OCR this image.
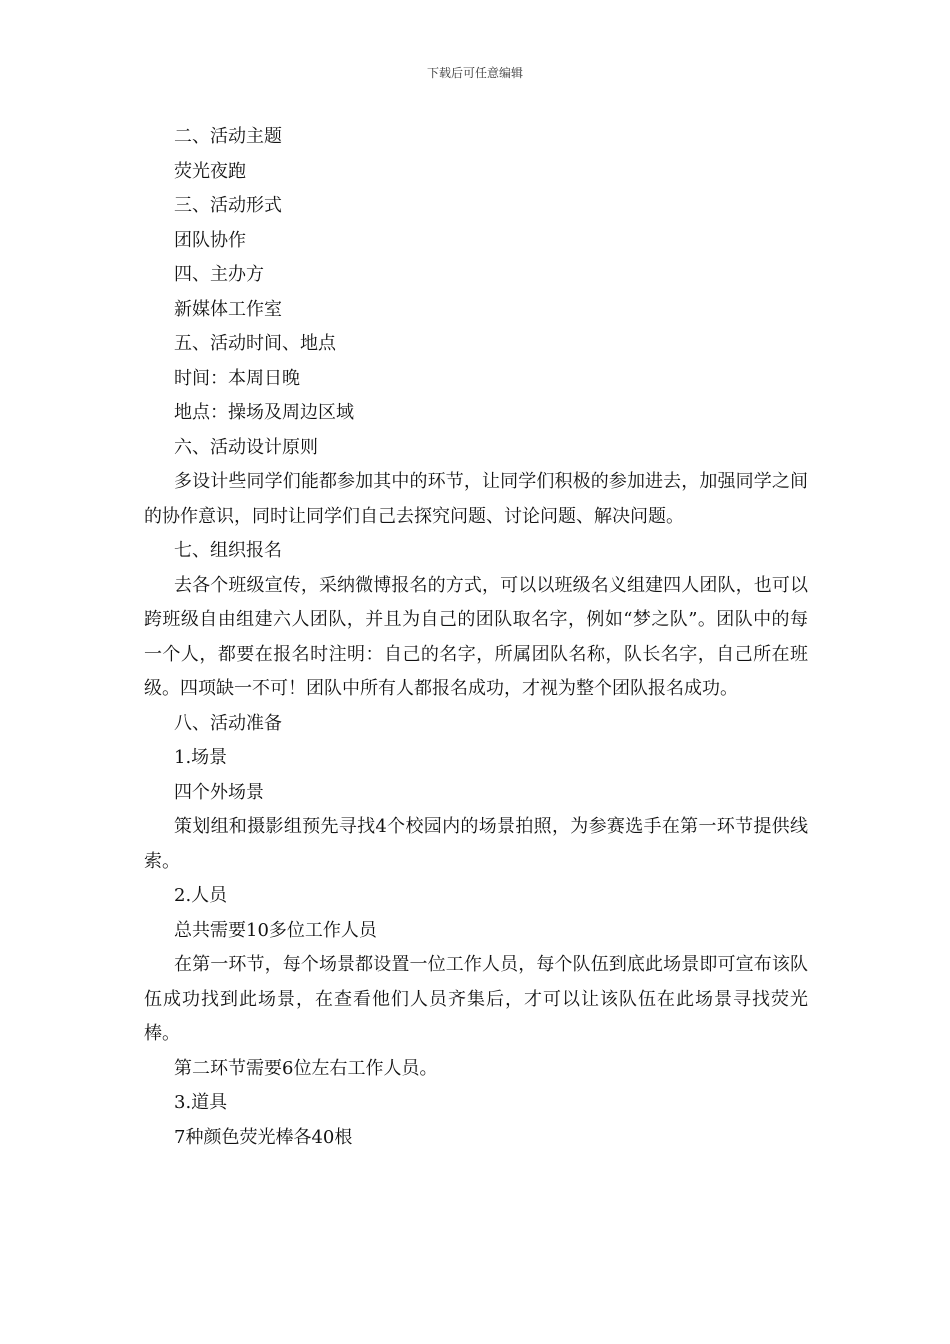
下载后可任意编辑

二、活动主题

荧光夜跑

三、活动形式

团队协作

四、主办方

新媒体工作室

五、活动时间、地点

时间：本周日晚

地点：操场及周边区域

六、活动设计原则

多设计些同学们能都参加其中的环节，让同学们积极的参加进去，加强同学之间的协作意识，同时让同学们自己去探究问题、讨论问题、解决问题。

七、组织报名

去各个班级宣传，采纳微博报名的方式，可以以班级名义组建四人团队，也可以跨班级自由组建六人团队，并且为自己的团队取名字，例如“梦之队”。团队中的每一个人，都要在报名时注明：自己的名字，所属团队名称，队长名字，自己所在班级。四项缺一不可！团队中所有人都报名成功，才视为整个团队报名成功。

八、活动准备

1.场景

四个外场景

策划组和摄影组预先寻找4个校园内的场景拍照，为参赛选手在第一环节提供线索。

2.人员

总共需要10多位工作人员

在第一环节，每个场景都设置一位工作人员，每个队伍到底此场景即可宣布该队伍成功找到此场景，在查看他们人员齐集后，才可以让该队伍在此场景寻找荧光棒。

第二环节需要6位左右工作人员。

3.道具

7种颜色荧光棒各40根
